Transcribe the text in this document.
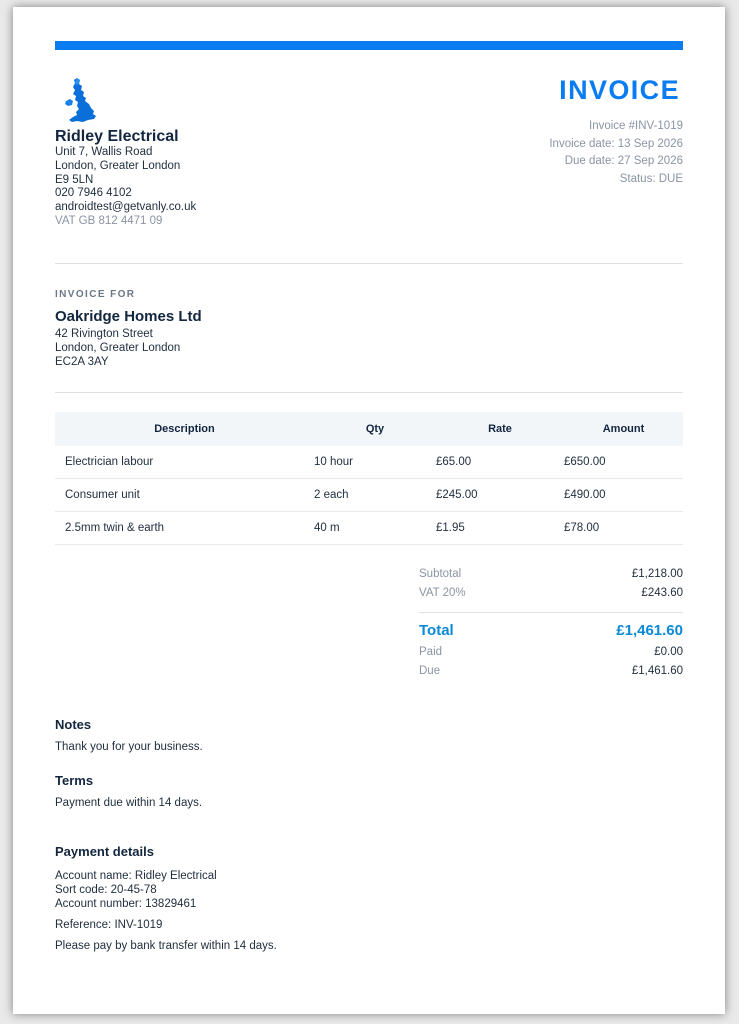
Ridley Electrical
Unit 7, Wallis Road
London, Greater London
E9 5LN
020 7946 4102
androidtest@getvanly.co.uk
VAT GB 812 4471 09
INVOICE
Invoice #INV-1019
Invoice date: 13 Sep 2026
Due date: 27 Sep 2026
Status: DUE
INVOICE FOR
Oakridge Homes Ltd
42 Rivington Street
London, Greater London
EC2A 3AY
Description	Qty	Rate	Amount
Electrician labour	10 hour	£65.00	£650.00
Consumer unit	2 each	£245.00	£490.00
2.5mm twin & earth	40 m	£1.95	£78.00
Subtotal	£1,218.00
VAT 20%	£243.60
Total	£1,461.60
Paid	£0.00
Due	£1,461.60
Notes
Thank you for your business.
Terms
Payment due within 14 days.
Payment details
Account name: Ridley Electrical
Sort code: 20-45-78
Account number: 13829461
Reference: INV-1019
Please pay by bank transfer within 14 days.
